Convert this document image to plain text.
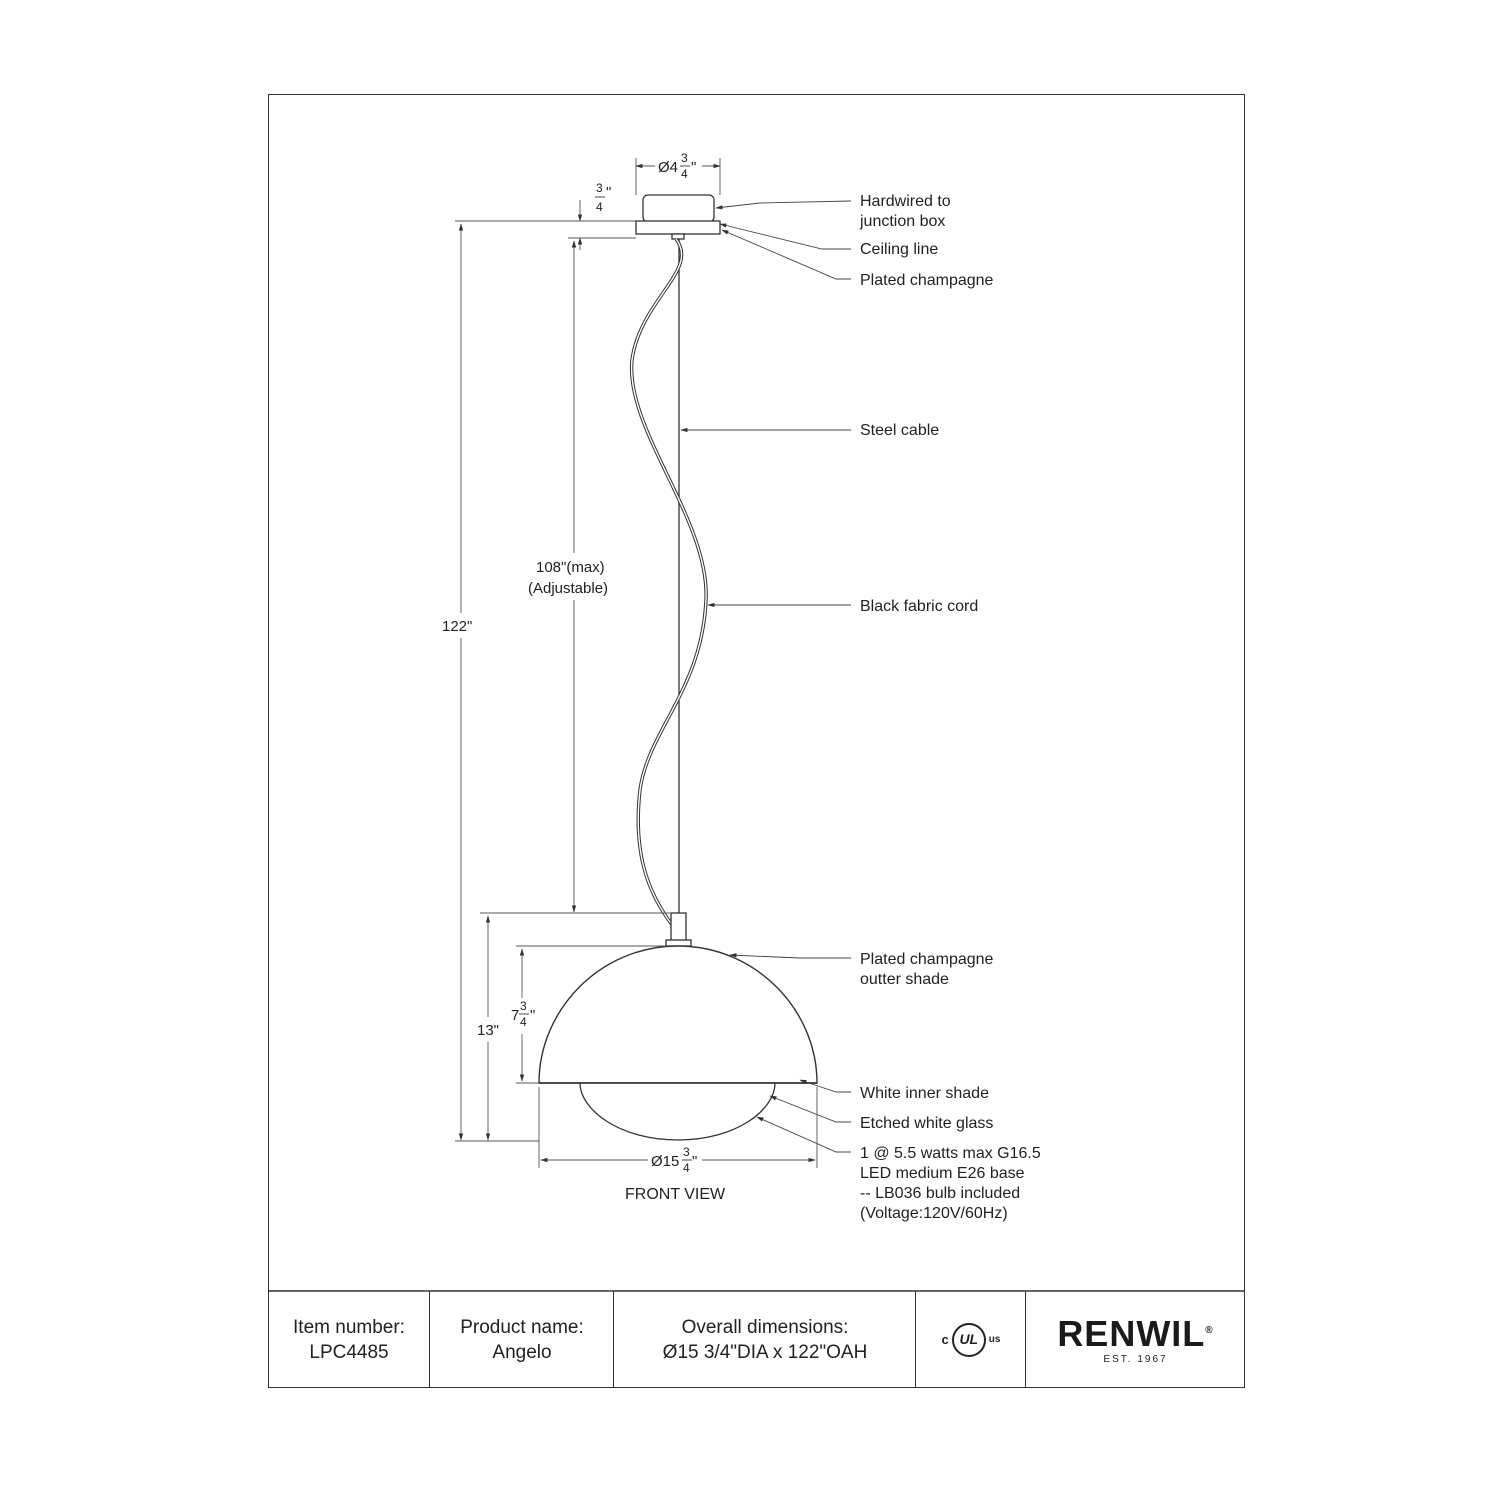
Ø4
3
4 "
3
4
"
122"
108"(max)
(Adjustable)
13"
7
3
4 "
Ø15
3
4 "
FRONT VIEW
Hardwired to
junction box
Ceiling line
Plated champagne
Steel cable
Black fabric cord
Plated champagne
outter shade
White inner shade
Etched white glass
1 @ 5.5 watts max G16.5
LED medium E26 base
-- LB036 bulb included
(Voltage:120V/60Hz)
Item number:
LPC4485
Product name:
Angelo
Overall dimensions:
Ø15 3/4"DIA x 122"OAH
c UL	us RENWIL®
EST. 1967
